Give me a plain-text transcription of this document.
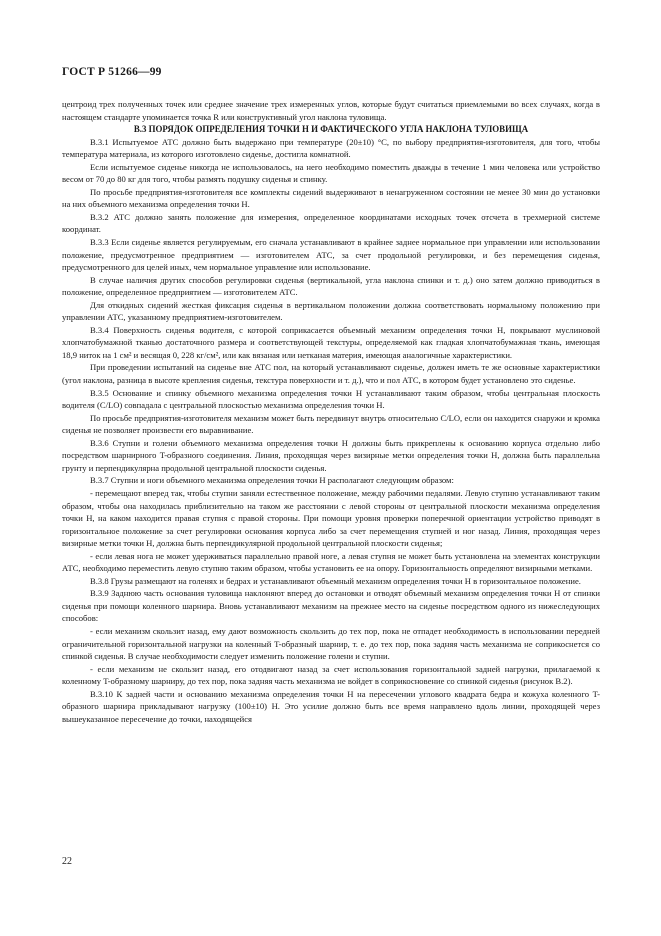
ГОСТ Р 51266—99

центроид трех полученных точек или среднее значение трех измеренных углов, которые будут считаться приемлемыми во всех случаях, когда в настоящем стандарте упоминается точка R или конструктивный угол наклона туловища.

В.3 ПОРЯДОК ОПРЕДЕЛЕНИЯ ТОЧКИ H И ФАКТИЧЕСКОГО УГЛА НАКЛОНА ТУЛОВИЩА

В.3.1 Испытуемое АТС должно быть выдержано при температуре (20±10) °С, по выбору предприятия-изготовителя, для того, чтобы температура материала, из которого изготовлено сиденье, достигла комнатной.

Если испытуемое сиденье никогда не использовалось, на него необходимо поместить дважды в течение 1 мин человека или устройство весом от 70 до 80 кг для того, чтобы размять подушку сиденья и спинку.

По просьбе предприятия-изготовителя все комплекты сидений выдерживают в ненагруженном состоянии не менее 30 мин до установки на них объемного механизма определения точки H.

В.3.2 АТС должно занять положение для измерения, определенное координатами исходных точек отсчета в трехмерной системе координат.

В.3.3 Если сиденье является регулируемым, его сначала устанавливают в крайнее заднее нормальное при управлении или использовании положение, предусмотренное предприятием — изготовителем АТС, за счет продольной регулировки, и без перемещения сиденья, предусмотренного для целей иных, чем нормальное управление или использование.

В случае наличия других способов регулировки сиденья (вертикальной, угла наклона спинки и т. д.) оно затем должно приводиться в положение, определенное предприятием — изготовителем АТС.

Для откидных сидений жесткая фиксация сиденья в вертикальном положении должна соответствовать нормальному положению при управлении АТС, указанному предприятием-изготовителем.

В.3.4 Поверхность сиденья водителя, с которой соприкасается объемный механизм определения точки H, покрывают муслиновой хлопчатобумажной тканью достаточного размера и соответствующей текстуры, определяемой как гладкая хлопчатобумажная ткань, имеющая 18,9 ниток на 1 см² и весящая 0, 228 кг/см², или как вязаная или нетканая материя, имеющая аналогичные характеристики.

При проведении испытаний на сиденье вне АТС пол, на который устанавливают сиденье, должен иметь те же основные характеристики (угол наклона, разница в высоте крепления сиденья, текстура поверхности и т. д.), что и пол АТС, в котором будет установлено это сиденье.

В.3.5 Основание и спинку объемного механизма определения точки H устанавливают таким образом, чтобы центральная плоскость водителя (C/LO) совпадала с центральной плоскостью механизма определения точки H.

По просьбе предприятия-изготовителя механизм может быть передвинут внутрь относительно C/LO, если он находится снаружи и кромка сиденья не позволяет произвести его выравнивание.

В.3.6 Ступни и голени объемного механизма определения точки H должны быть прикреплены к основанию корпуса отдельно либо посредством шарнирного T-образного соединения. Линия, проходящая через визирные метки определения точки H, должна быть параллельна грунту и перпендикулярна продольной центральной плоскости сиденья.

В.3.7 Ступни и ноги объемного механизма определения точки H располагают следующим образом:

- перемещают вперед так, чтобы ступни заняли естественное положение, между рабочими педалями. Левую ступню устанавливают таким образом, чтобы она находилась приблизительно на таком же расстоянии с левой стороны от центральной плоскости механизма определения точки H, на каком находится правая ступня с правой стороны. При помощи уровня проверки поперечной ориентации устройство приводят в горизонтальное положение за счет регулировки основания корпуса либо за счет перемещения ступней и ног назад. Линия, проходящая через визирные метки точки H, должна быть перпендикулярной продольной центральной плоскости сиденья;

- если левая нога не может удерживаться параллельно правой ноге, а левая ступня не может быть установлена на элементах конструкции АТС, необходимо переместить левую ступню таким образом, чтобы установить ее на опору. Горизонтальность определяют визирными метками.

В.3.8 Грузы размещают на голенях и бедрах и устанавливают объемный механизм определения точки H в горизонтальное положение.

В.3.9 Заднюю часть основания туловища наклоняют вперед до остановки и отводят объемный механизм определения точки H от спинки сиденья при помощи коленного шарнира. Вновь устанавливают механизм на прежнее место на сиденье посредством одного из нижеследующих способов:

- если механизм скользит назад, ему дают возможность скользить до тех пор, пока не отпадет необходимость в использовании передней ограничительной горизонтальной нагрузки на коленный T-образный шарнир, т. е. до тех пор, пока задняя часть механизма не соприкоснется со спинкой сиденья. В случае необходимости следует изменить положение голени и ступни.

- если механизм не скользит назад, его отодвигают назад за счет использования горизонтальной задней нагрузки, прилагаемой к коленному T-образному шарниру, до тех пор, пока задняя часть механизма не войдет в соприкосновение со спинкой сиденья (рисунок В.2).

В.3.10 К задней части и основанию механизма определения точки H на пересечении углового квадрата бедра и кожуха коленного T-образного шарнира прикладывают нагрузку (100±10) Н. Это усилие должно быть все время направлено вдоль линии, проходящей через вышеуказанное пересечение до точки, находящейся

22
